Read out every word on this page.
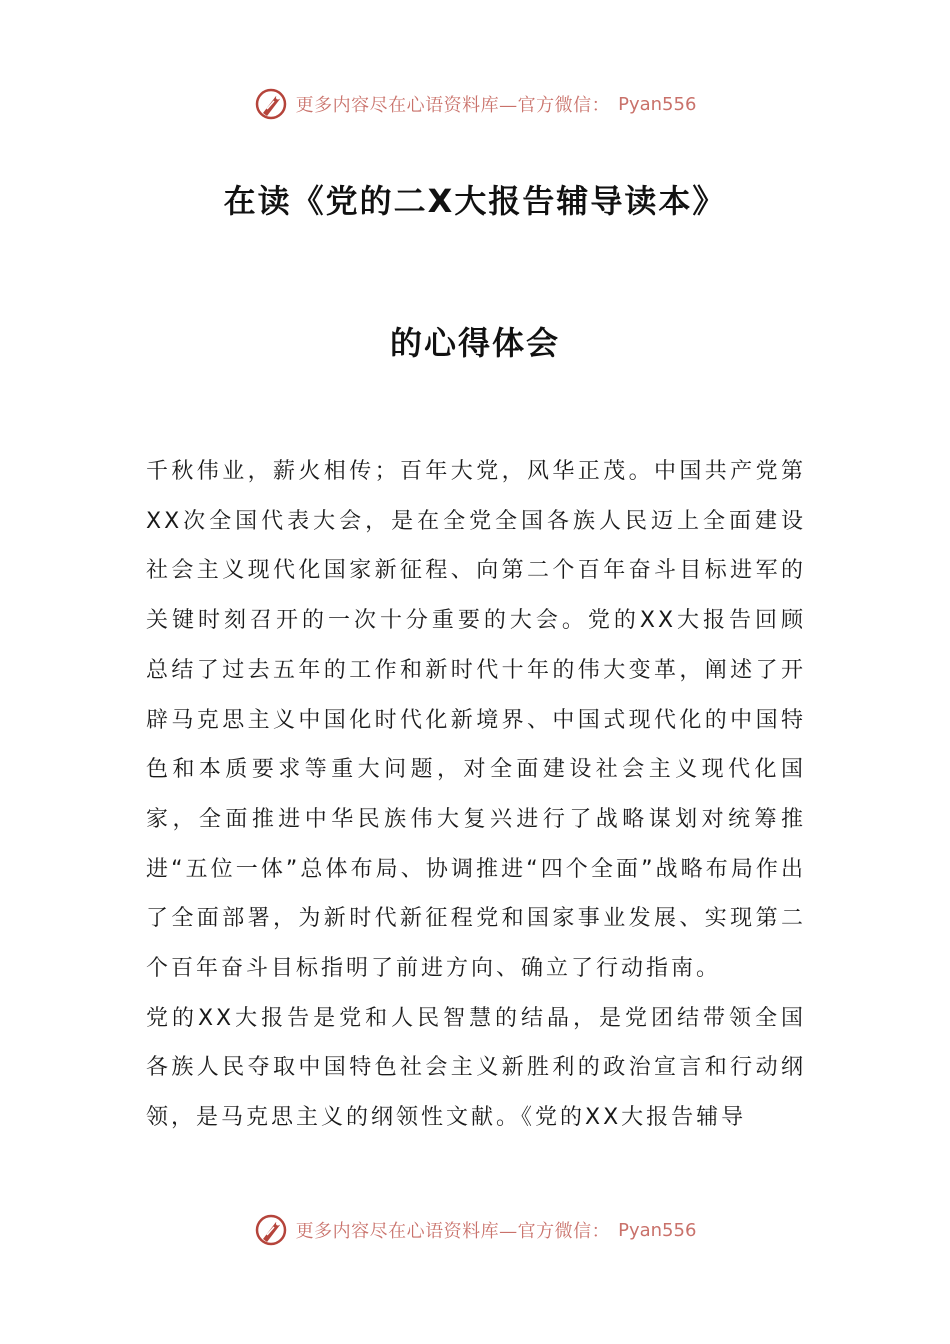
更多内容尽在心语资料库—官方微信： Pyan556
在读《党的二X大报告辅导读本》
的心得体会

千秋伟业，薪火相传；百年大党，风华正茂。中国共产党第XX次全国代表大会，是在全党全国各族人民迈上全面建设社会主义现代化国家新征程、向第二个百年奋斗目标进军的关键时刻召开的一次十分重要的大会。党的XX大报告回顾总结了过去五年的工作和新时代十年的伟大变革，阐述了开辟马克思主义中国化时代化新境界、中国式现代化的中国特色和本质要求等重大问题，对全面建设社会主义现代化国家，全面推进中华民族伟大复兴进行了战略谋划对统筹推进“五位一体”总体布局、协调推进“四个全面”战略布局作出了全面部署，为新时代新征程党和国家事业发展、实现第二个百年奋斗目标指明了前进方向、确立了行动指南。

党的XX大报告是党和人民智慧的结晶，是党团结带领全国各族人民夺取中国特色社会主义新胜利的政治宣言和行动纲领，是马克思主义的纲领性文献。《党的XX大报告辅导

更多内容尽在心语资料库—官方微信： Pyan556
